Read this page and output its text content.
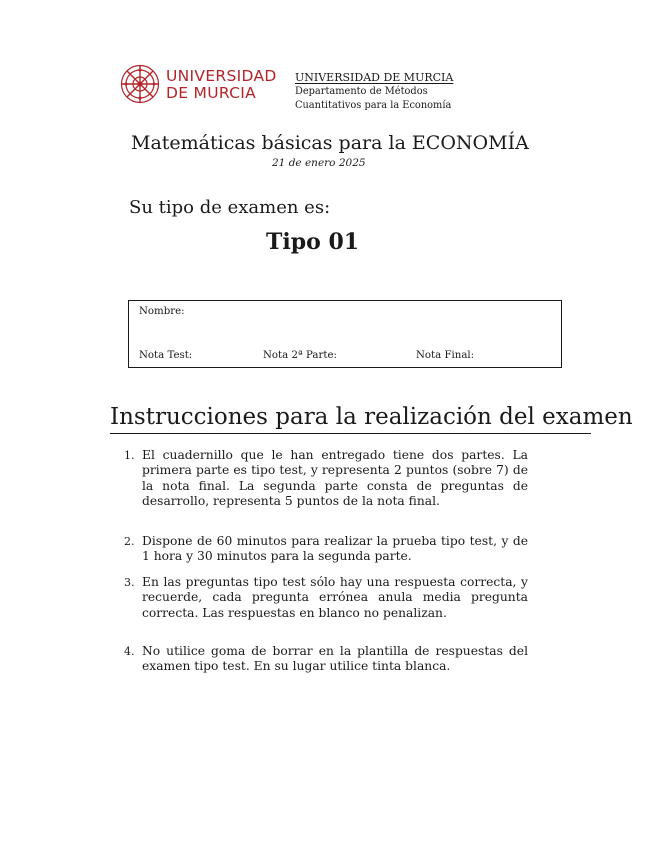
UNIVERSIDAD
DE MURCIA
UNIVERSIDAD DE MURCIA
Departamento de Métodos
Cuantitativos para la Economía
Matemáticas básicas para la ECONOMÍA
21 de enero 2025
Su tipo de examen es:
Tipo 01
Nombre:
Nota Test:	Nota 2ª Parte:	Nota Final:
Instrucciones para la realización del examen
1. El cuadernillo que le han entregado tiene dos partes. La primera parte es tipo test, y representa 2 puntos (sobre 7) de la nota final. La segunda parte consta de preguntas de desarrollo, representa 5 puntos de la nota final.
2. Dispone de 60 minutos para realizar la prueba tipo test, y de 1 hora y 30 minutos para la segunda parte.
3. En las preguntas tipo test sólo hay una respuesta correcta, y recuerde, cada pregunta errónea anula media pregunta correcta. Las respuestas en blanco no penalizan.
4. No utilice goma de borrar en la plantilla de respuestas del examen tipo test. En su lugar utilice tinta blanca.
